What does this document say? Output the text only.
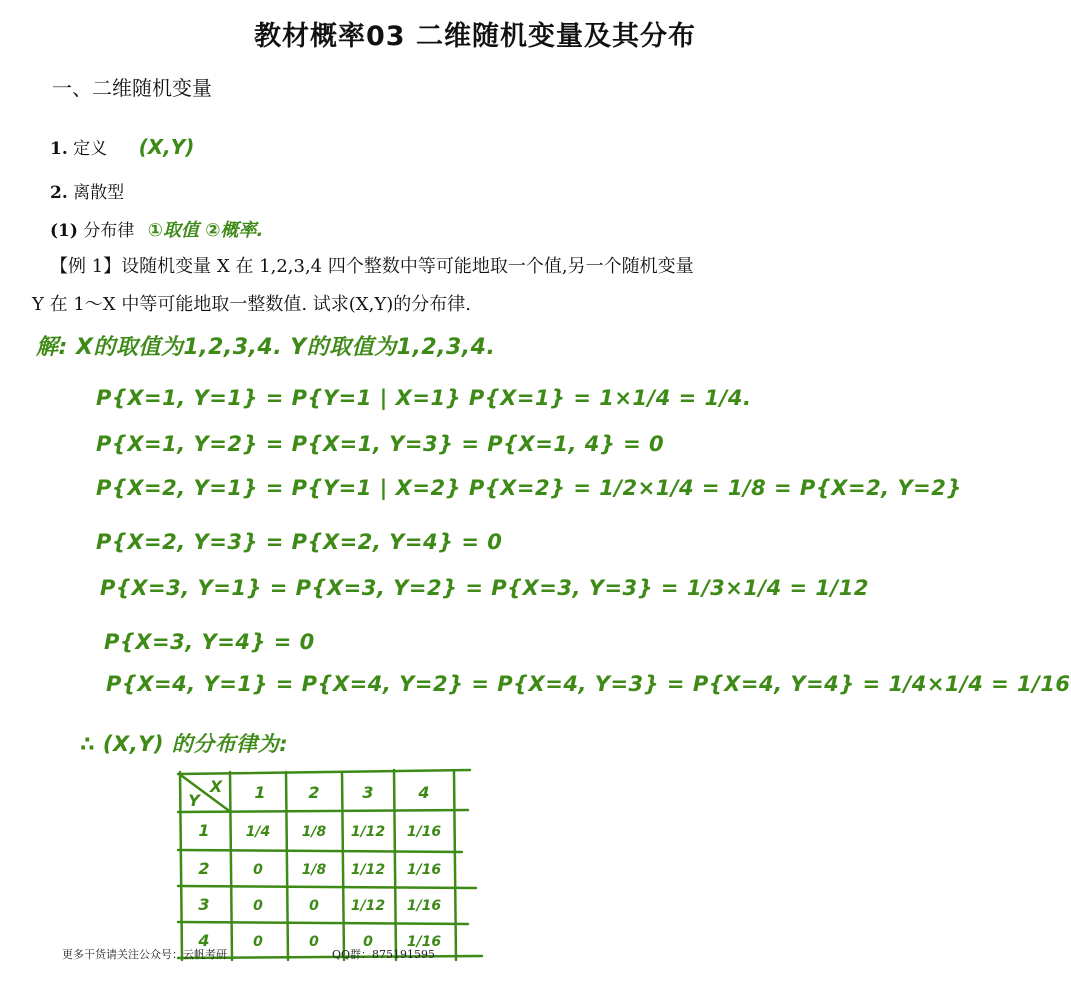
教材概率03 二维随机变量及其分布
一、二维随机变量
1. 定义 (X,Y)
2. 离散型
(1) 分布律 ①取值 ②概率.
【例 1】设随机变量 X 在 1,2,3,4 四个整数中等可能地取一个值,另一个随机变量
Y 在 1～X 中等可能地取一整数值. 试求(X,Y)的分布律.
解: X的取值为1,2,3,4. Y的取值为1,2,3,4.
P{X=1, Y=1} = P{Y=1 | X=1} P{X=1} = 1×1/4 = 1/4.
P{X=1, Y=2} = P{X=1, Y=3} = P{X=1, 4} = 0
P{X=2, Y=1} = P{Y=1 | X=2} P{X=2} = 1/2×1/4 = 1/8 = P{X=2, Y=2}
P{X=2, Y=3} = P{X=2, Y=4} = 0
P{X=3, Y=1} = P{X=3, Y=2} = P{X=3, Y=3} = 1/3×1/4 = 1/12
P{X=3, Y=4} = 0
P{X=4, Y=1} = P{X=4, Y=2} = P{X=4, Y=3} = P{X=4, Y=4} = 1/4×1/4 = 1/16
∴ (X,Y) 的分布律为:
Y
X 1	2	3	4
1	1/4 1/8 1/12 1/16
2	0	1/8 1/12 1/16
3	0	0 1/12 1/16
4	0	0	0 1/16
更多干货请关注公众号：云帆考研	QQ群：875191595
